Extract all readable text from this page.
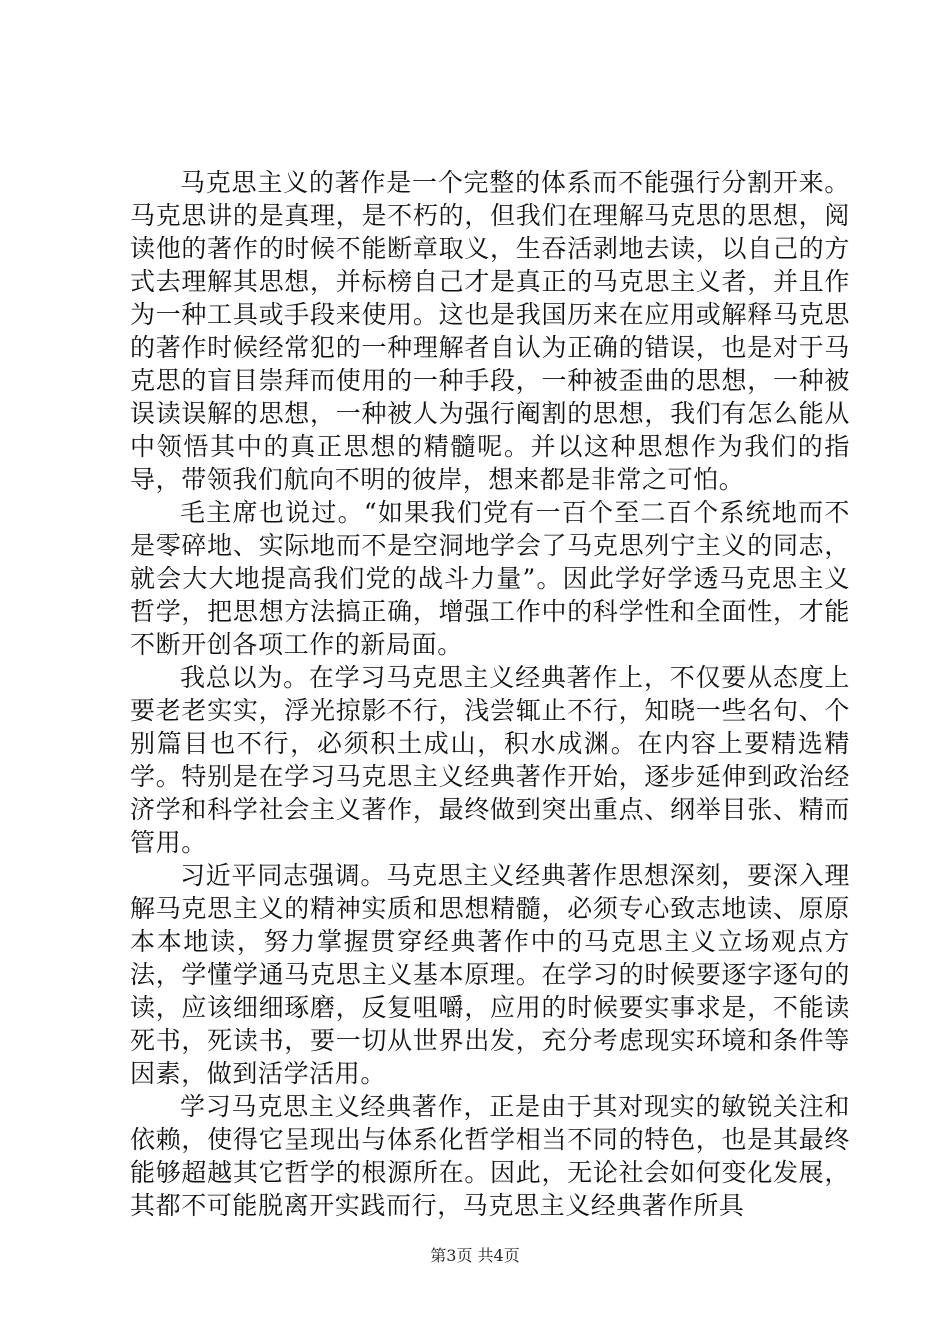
马克思主义的著作是一个完整的体系而不能强行分割开来。马克思讲的是真理，是不朽的，但我们在理解马克思的思想，阅读他的著作的时候不能断章取义，生吞活剥地去读，以自己的方式去理解其思想，并标榜自己才是真正的马克思主义者，并且作为一种工具或手段来使用。这也是我国历来在应用或解释马克思的著作时候经常犯的一种理解者自认为正确的错误，也是对于马克思的盲目崇拜而使用的一种手段，一种被歪曲的思想，一种被误读误解的思想，一种被人为强行阉割的思想，我们有怎么能从中领悟其中的真正思想的精髓呢。并以这种思想作为我们的指导，带领我们航向不明的彼岸，想来都是非常之可怕。

毛主席也说过。“如果我们党有一百个至二百个系统地而不是零碎地、实际地而不是空洞地学会了马克思列宁主义的同志，就会大大地提高我们党的战斗力量”。因此学好学透马克思主义哲学，把思想方法搞正确，增强工作中的科学性和全面性，才能不断开创各项工作的新局面。

我总以为。在学习马克思主义经典著作上，不仅要从态度上要老老实实，浮光掠影不行，浅尝辄止不行，知晓一些名句、个别篇目也不行，必须积土成山，积水成渊。在内容上要精选精学。特别是在学习马克思主义经典著作开始，逐步延伸到政治经济学和科学社会主义著作，最终做到突出重点、纲举目张、精而管用。

习近平同志强调。马克思主义经典著作思想深刻，要深入理解马克思主义的精神实质和思想精髓，必须专心致志地读、原原本本地读，努力掌握贯穿经典著作中的马克思主义立场观点方法，学懂学通马克思主义基本原理。在学习的时候要逐字逐句的读，应该细细琢磨，反复咀嚼，应用的时候要实事求是，不能读死书，死读书，要一切从世界出发，充分考虑现实环境和条件等因素，做到活学活用。

学习马克思主义经典著作，正是由于其对现实的敏锐关注和依赖，使得它呈现出与体系化哲学相当不同的特色，也是其最终能够超越其它哲学的根源所在。因此，无论社会如何变化发展，其都不可能脱离开实践而行，马克思主义经典著作所具

第3页 共4页
